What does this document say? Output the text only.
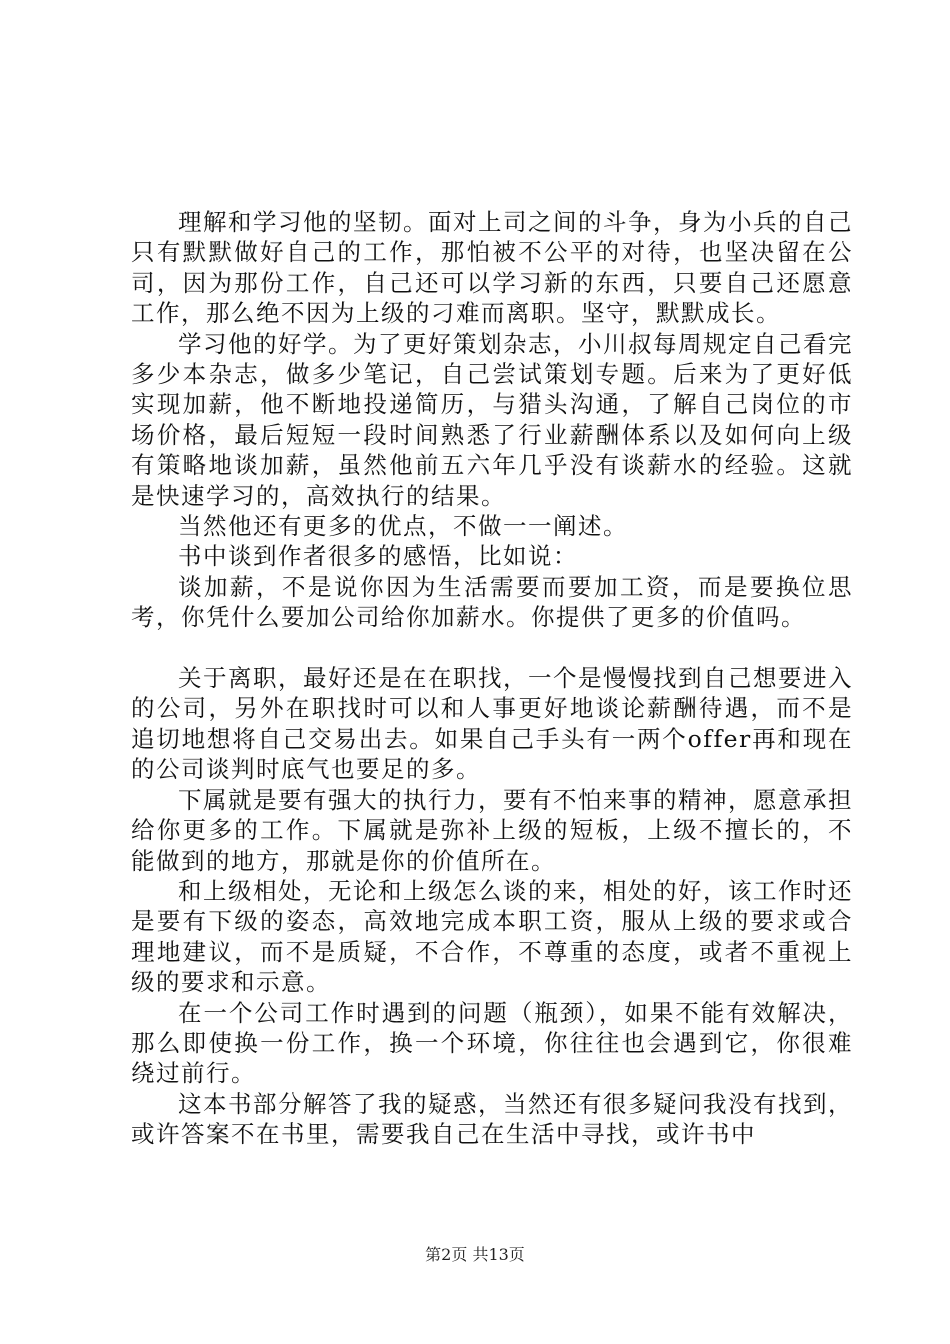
理解和学习他的坚韧。面对上司之间的斗争，身为小兵的自己只有默默做好自己的工作，那怕被不公平的对待，也坚决留在公司，因为那份工作，自己还可以学习新的东西，只要自己还愿意工作，那么绝不因为上级的刁难而离职。坚守，默默成长。

学习他的好学。为了更好策划杂志，小川叔每周规定自己看完多少本杂志，做多少笔记，自己尝试策划专题。后来为了更好低实现加薪，他不断地投递简历，与猎头沟通，了解自己岗位的市场价格，最后短短一段时间熟悉了行业薪酬体系以及如何向上级有策略地谈加薪，虽然他前五六年几乎没有谈薪水的经验。这就是快速学习的，高效执行的结果。

当然他还有更多的优点，不做一一阐述。

书中谈到作者很多的感悟，比如说：

谈加薪，不是说你因为生活需要而要加工资，而是要换位思考，你凭什么要加公司给你加薪水。你提供了更多的价值吗。

关于离职，最好还是在在职找，一个是慢慢找到自己想要进入的公司，另外在职找时可以和人事更好地谈论薪酬待遇，而不是追切地想将自己交易出去。如果自己手头有一两个offer再和现在的公司谈判时底气也要足的多。

下属就是要有强大的执行力，要有不怕来事的精神，愿意承担给你更多的工作。下属就是弥补上级的短板，上级不擅长的，不能做到的地方，那就是你的价值所在。

和上级相处，无论和上级怎么谈的来，相处的好，该工作时还是要有下级的姿态，高效地完成本职工资，服从上级的要求或合理地建议，而不是质疑，不合作，不尊重的态度，或者不重视上级的要求和示意。

在一个公司工作时遇到的问题（瓶颈），如果不能有效解决，那么即使换一份工作，换一个环境，你往往也会遇到它，你很难绕过前行。

这本书部分解答了我的疑惑，当然还有很多疑问我没有找到，或许答案不在书里，需要我自己在生活中寻找，或许书中

第2页 共13页
